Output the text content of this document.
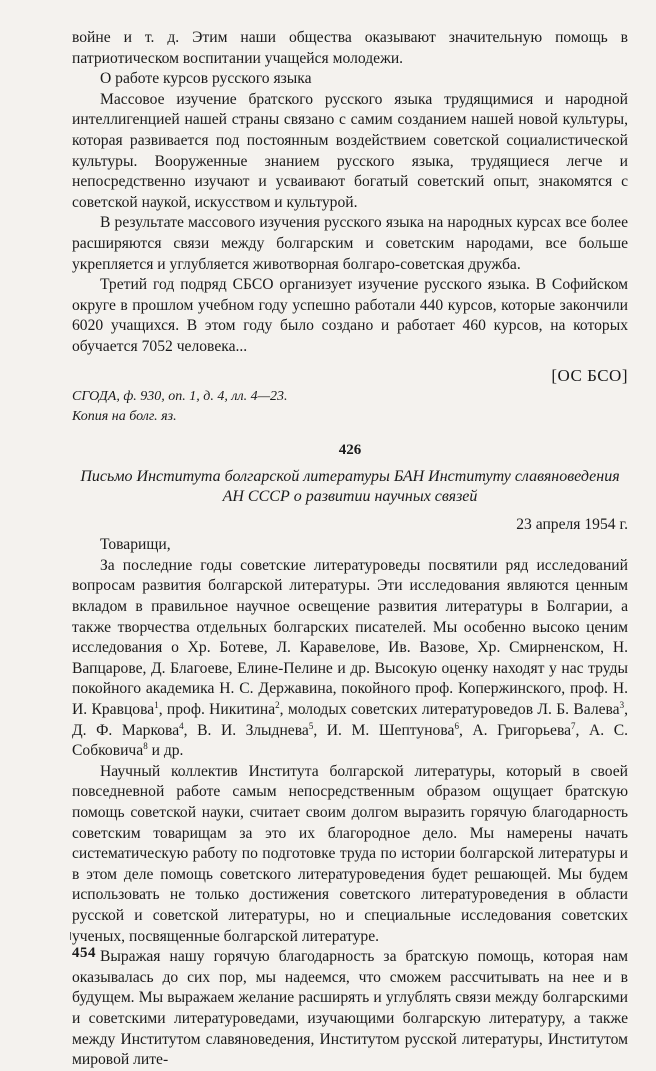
войне и т. д. Этим наши общества оказывают значительную помощь в патриотическом воспитании учащейся молодежи.

О работе курсов русского языка

Массовое изучение братского русского языка трудящимися и народной интеллигенцией нашей страны связано с самим созданием нашей новой культуры, которая развивается под постоянным воздействием советской социалистической культуры. Вооруженные знанием русского языка, трудящиеся легче и непосредственно изучают и усваивают богатый советский опыт, знакомятся с советской наукой, искусством и культурой.

В результате массового изучения русского языка на народных курсах все более расширяются связи между болгарским и советским народами, все больше укрепляется и углубляется животворная болгаро-советская дружба.

Третий год подряд СБСО организует изучение русского языка. В Софийском округе в прошлом учебном году успешно работали 440 курсов, которые закончили 6020 учащихся. В этом году было создано и работает 460 курсов, на которых обучается 7052 человека...

[ОС БСО]

СГОДА, ф. 930, оп. 1, д. 4, лл. 4—23.

Копия на болг. яз.

426

Письмо Института болгарской литературы БАН Институту славяноведения АН СССР о развитии научных связей

23 апреля 1954 г.

Товарищи,

За последние годы советские литературоведы посвятили ряд исследований вопросам развития болгарской литературы. Эти исследования являются ценным вкладом в правильное научное освещение развития литературы в Болгарии, а также творчества отдельных болгарских писателей. Мы особенно высоко ценим исследования о Хр. Ботеве, Л. Каравелове, Ив. Вазове, Хр. Смирненском, Н. Вапцарове, Д. Благоеве, Елине-Пелине и др. Высокую оценку находят у нас труды покойного академика Н. С. Державина, покойного проф. Копержинского, проф. Н. И. Кравцова$^1$, проф. Никитина$^2$, молодых советских литературоведов Л. Б. Валева$^3$, Д. Ф. Маркова$^4$, В. И. Злыднева$^5$, И. М. Шептунова$^6$, А. Григорьева$^7$, А. С. Собковича$^8$ и др.

Научный коллектив Института болгарской литературы, который в своей повседневной работе самым непосредственным образом ощущает братскую помощь советской науки, считает своим долгом выразить горячую благодарность советским товарищам за это их благородное дело. Мы намерены начать систематическую работу по подготовке труда по истории болгарской литературы и в этом деле помощь советского литературоведения будет решающей. Мы будем использовать не только достижения советского литературоведения в области русской и советской литературы, но и специальные исследования советских ученых, посвященные болгарской литературе.

Выражая нашу горячую благодарность за братскую помощь, которая нам оказывалась до сих пор, мы надеемся, что сможем рассчитывать на нее и в будущем. Мы выражаем желание расширять и углублять связи между болгарскими и советскими литературоведами, изучающими болгарскую литературу, а также между Институтом славяноведения, Институтом русской литературы, Институтом мировой лите-

454
